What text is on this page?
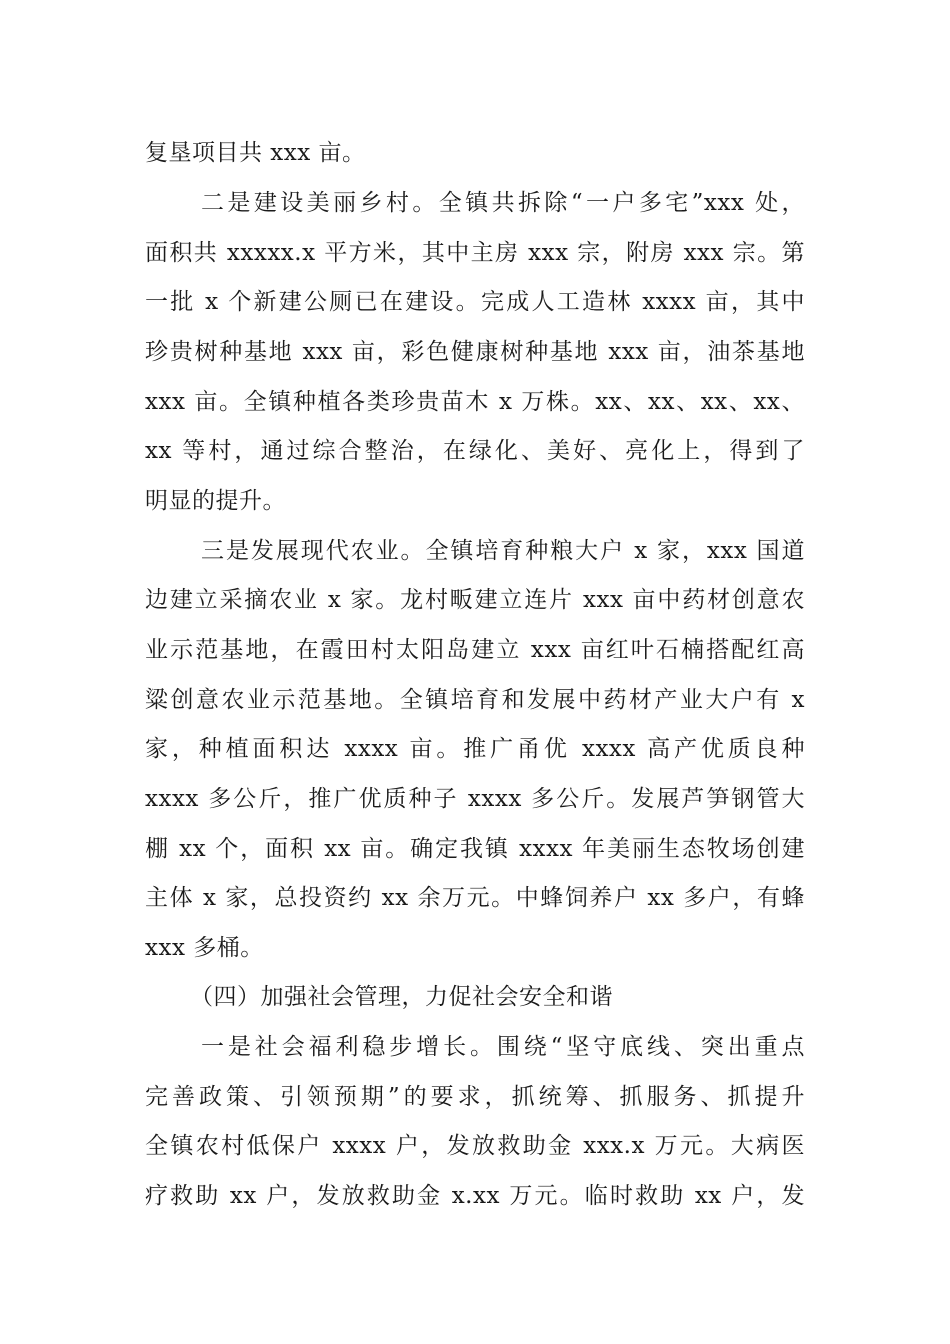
复垦项目共 xxx 亩。
二是建设美丽乡村。全镇共拆除“一户多宅”xxx 处，
面积共 xxxxx.x 平方米，其中主房 xxx 宗，附房 xxx 宗。第
一批 x 个新建公厕已在建设。完成人工造林 xxxx 亩，其中
珍贵树种基地 xxx 亩，彩色健康树种基地 xxx 亩，油茶基地
xxx 亩。全镇种植各类珍贵苗木 x 万株。xx、xx、xx、xx、
xx 等村，通过综合整治，在绿化、美好、亮化上，得到了
明显的提升。
三是发展现代农业。全镇培育种粮大户 x 家，xxx 国道
边建立采摘农业 x 家。龙村畈建立连片 xxx 亩中药材创意农
业示范基地，在霞田村太阳岛建立 xxx 亩红叶石楠搭配红高
粱创意农业示范基地。全镇培育和发展中药材产业大户有 x
家，种植面积达 xxxx 亩。推广甬优 xxxx 高产优质良种
xxxx 多公斤，推广优质种子 xxxx 多公斤。发展芦笋钢管大
棚 xx 个，面积 xx 亩。确定我镇 xxxx 年美丽生态牧场创建
主体 x 家，总投资约 xx 余万元。中蜂饲养户 xx 多户，有蜂
xxx 多桶。
（四）加强社会管理，力促社会安全和谐
一是社会福利稳步增长。围绕“坚守底线、突出重点
完善政策、引领预期”的要求，抓统筹、抓服务、抓提升
全镇农村低保户 xxxx 户，发放救助金 xxx.x 万元。大病医
疗救助 xx 户，发放救助金 x.xx 万元。临时救助 xx 户，发
